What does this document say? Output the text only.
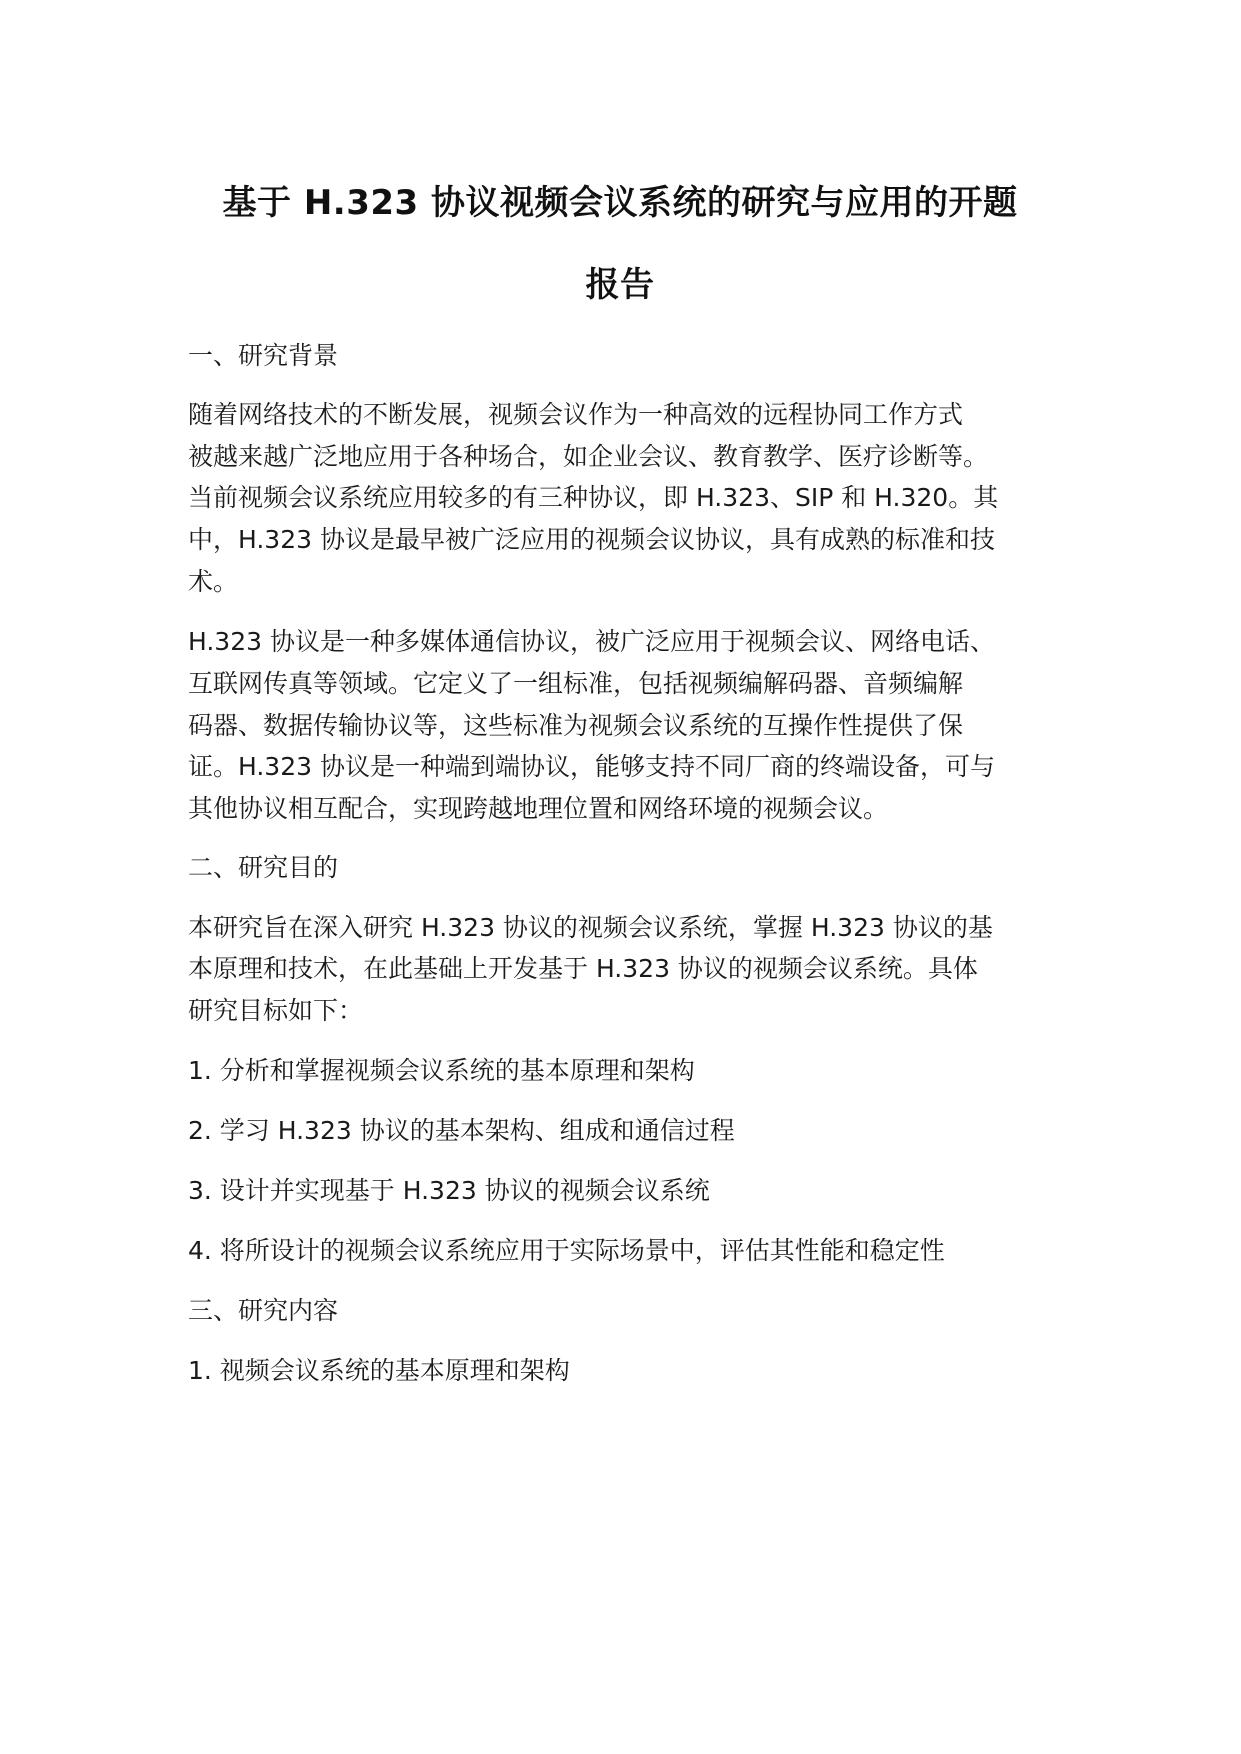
基于 H.323 协议视频会议系统的研究与应用的开题
报告
一、研究背景
随着网络技术的不断发展，视频会议作为一种高效的远程协同工作方式
被越来越广泛地应用于各种场合，如企业会议、教育教学、医疗诊断等。
当前视频会议系统应用较多的有三种协议，即 H.323、SIP 和 H.320。其
中，H.323 协议是最早被广泛应用的视频会议协议，具有成熟的标准和技
术。
H.323 协议是一种多媒体通信协议，被广泛应用于视频会议、网络电话、
互联网传真等领域。它定义了一组标准，包括视频编解码器、音频编解
码器、数据传输协议等，这些标准为视频会议系统的互操作性提供了保
证。H.323 协议是一种端到端协议，能够支持不同厂商的终端设备，可与
其他协议相互配合，实现跨越地理位置和网络环境的视频会议。
二、研究目的
本研究旨在深入研究 H.323 协议的视频会议系统，掌握 H.323 协议的基
本原理和技术，在此基础上开发基于 H.323 协议的视频会议系统。具体
研究目标如下：
1. 分析和掌握视频会议系统的基本原理和架构
2. 学习 H.323 协议的基本架构、组成和通信过程
3. 设计并实现基于 H.323 协议的视频会议系统
4. 将所设计的视频会议系统应用于实际场景中，评估其性能和稳定性
三、研究内容
1. 视频会议系统的基本原理和架构
